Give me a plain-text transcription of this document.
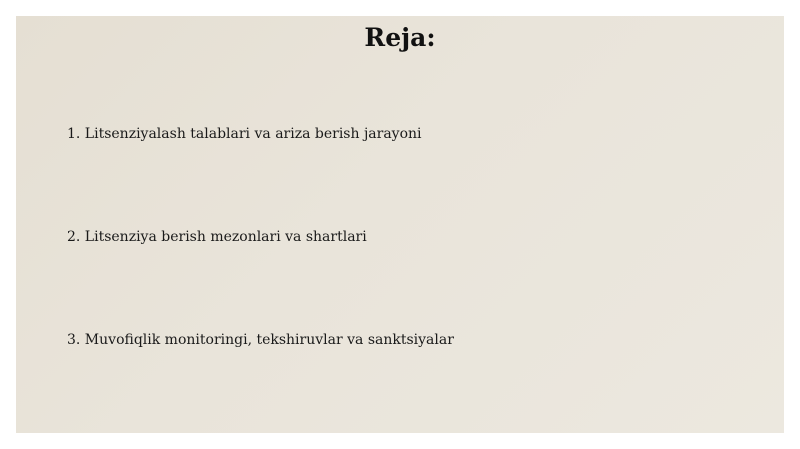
Reja:
1. Litsenziyalash talablari va ariza berish jarayoni
2. Litsenziya berish mezonlari va shartlari
3. Muvofiqlik monitoringi, tekshiruvlar va sanktsiyalar
